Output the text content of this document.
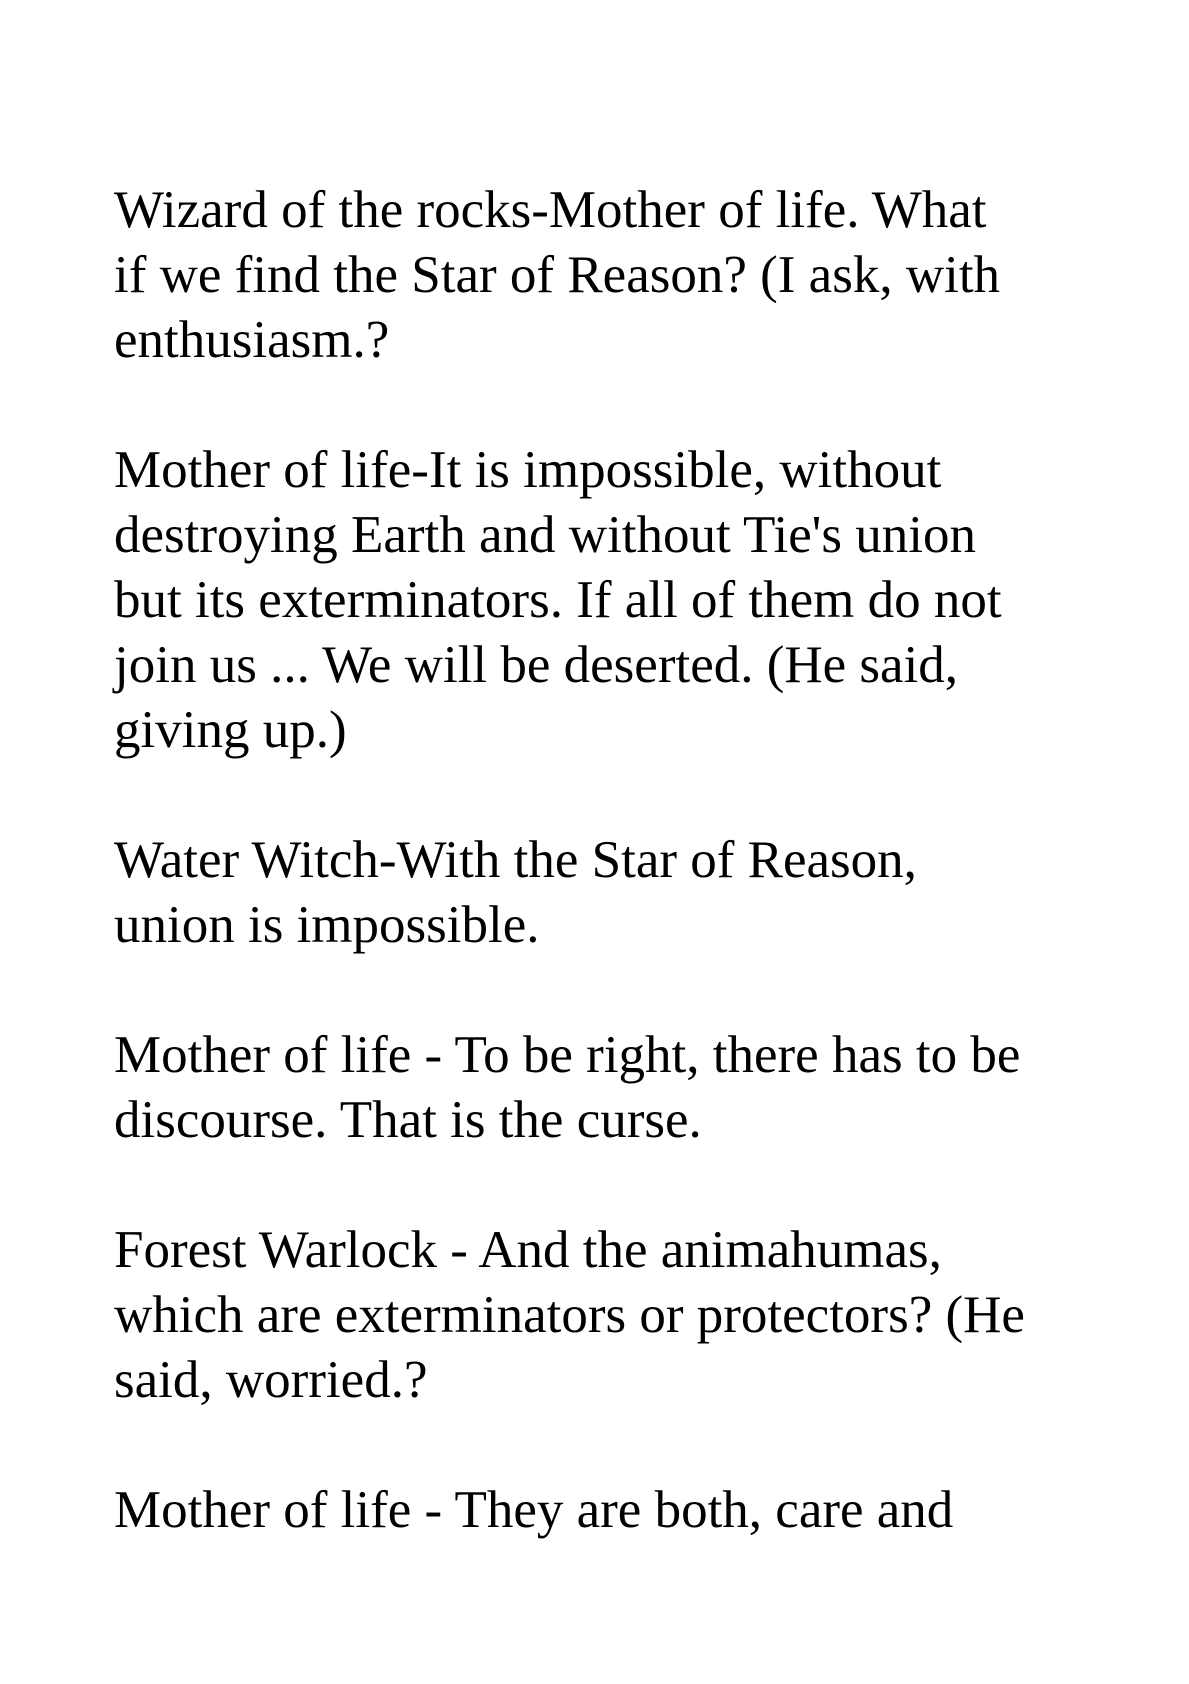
Wizard of the rocks-Mother of life. What
if we find the Star of Reason? (I ask, with
enthusiasm.?

Mother of life-It is impossible, without
destroying Earth and without Tie's union
but its exterminators. If all of them do not
join us ... We will be deserted. (He said,
giving up.)

Water Witch-With the Star of Reason,
union is impossible.

Mother of life - To be right, there has to be
discourse. That is the curse.

Forest Warlock - And the animahumas,
which are exterminators or protectors? (He
said, worried.?

Mother of life - They are both, care and
